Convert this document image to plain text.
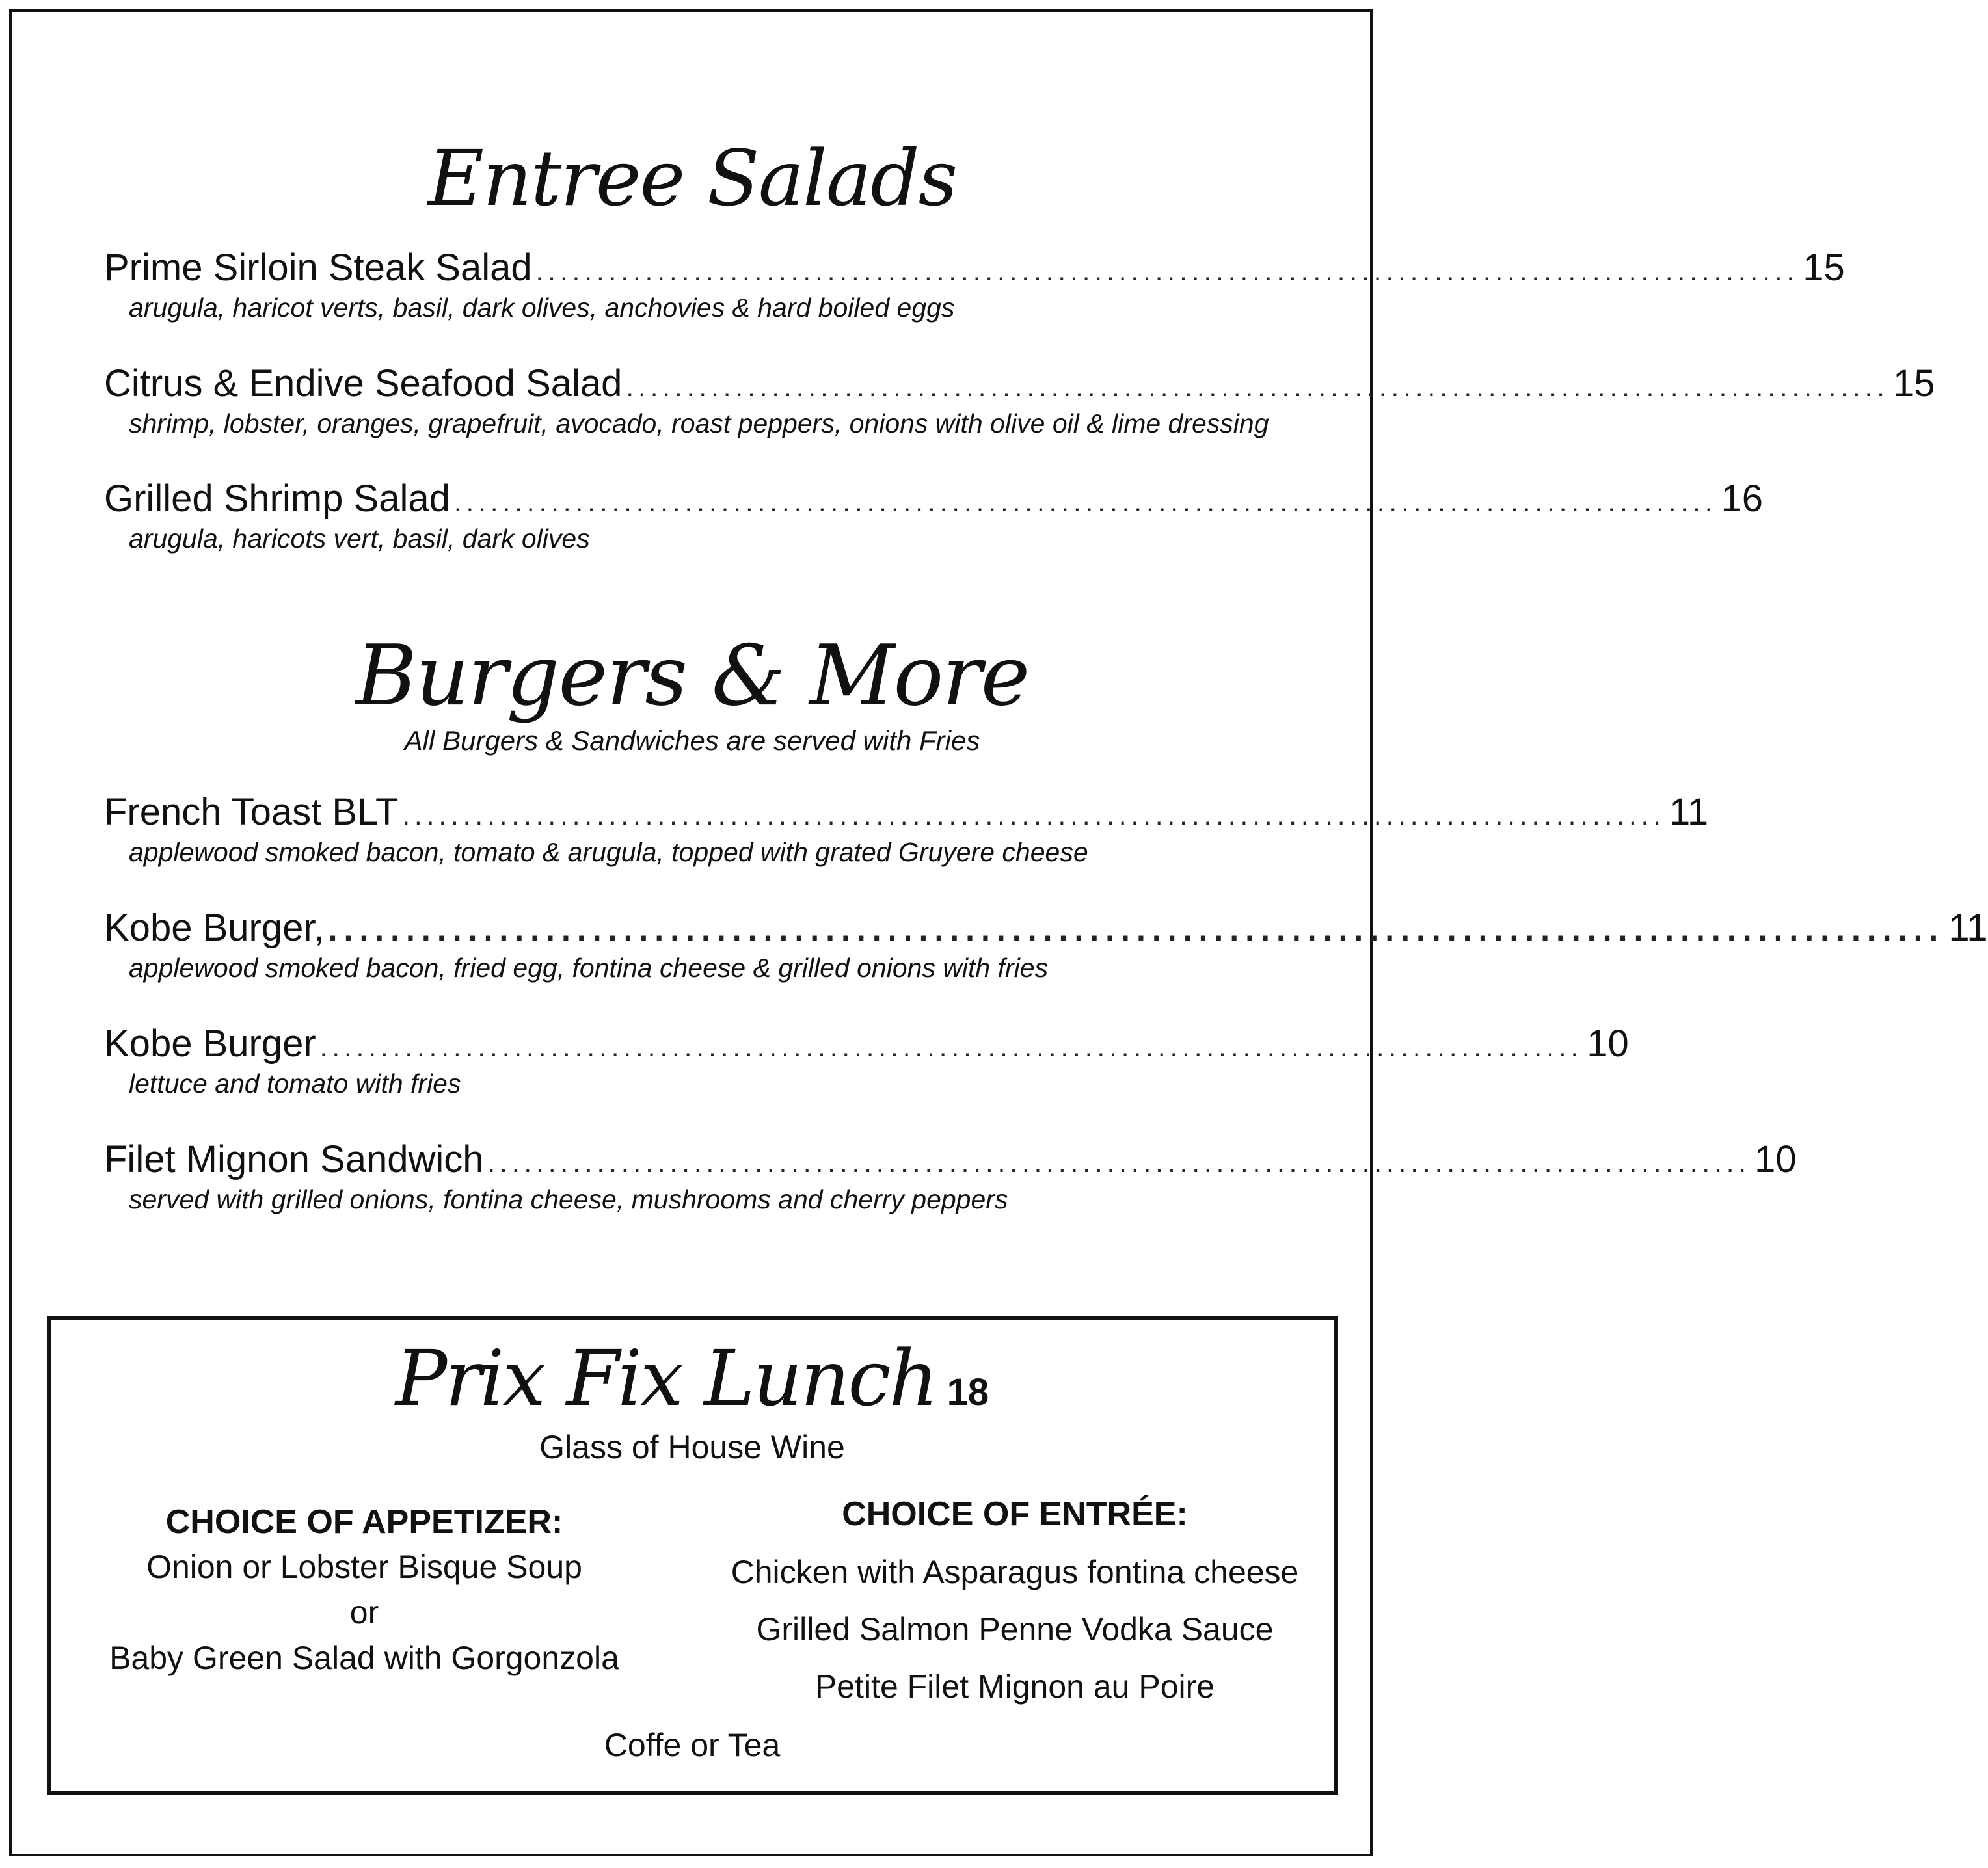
Entree Salads
Prime Sirloin Steak Salad ........................................................................................................ 15
arugula, haricot verts, basil, dark olives, anchovies & hard boiled eggs
Citrus & Endive Seafood Salad ........................................................................................................ 15
shrimp, lobster, oranges, grapefruit, avocado, roast peppers, onions with olive oil & lime dressing
Grilled Shrimp Salad ........................................................................................................ 16
arugula, haricots vert, basil, dark olives
Burgers & More
All Burgers & Sandwiches are served with Fries
French Toast BLT ........................................................................................................ 11
applewood smoked bacon, tomato & arugula, topped with grated Gruyere cheese
Kobe Burger, ........................................................................................................ 11
applewood smoked bacon, fried egg, fontina cheese & grilled onions with fries
Kobe Burger ........................................................................................................ 10
lettuce and tomato with fries
Filet Mignon Sandwich ........................................................................................................ 10
served with grilled onions, fontina cheese, mushrooms and cherry peppers
Prix Fix Lunch 18
Glass of House Wine
CHOICE OF APPETIZER:
Onion or Lobster Bisque Soup
or
Baby Green Salad with Gorgonzola
CHOICE OF ENTRÉE:
Chicken with Asparagus fontina cheese
Grilled Salmon Penne Vodka Sauce
Petite Filet Mignon au Poire
Coffe or Tea
